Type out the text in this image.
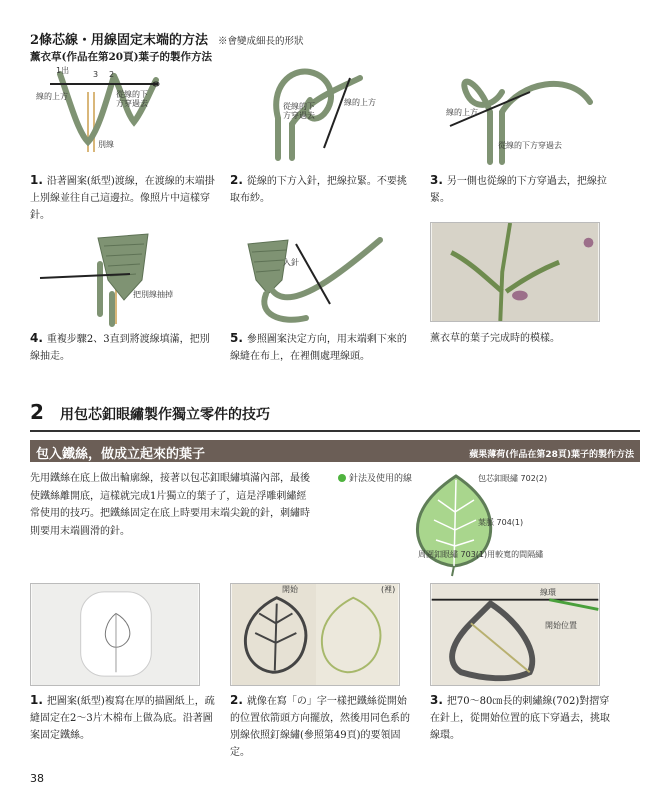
2條芯線・用線固定末端的方法 ※會變成細長的形狀
薰衣草(作品在第20頁)葉子的製作方法
1出	3 2
線的上方	從線的下方穿過去
別線
從線的下方穿過去
線的上方
線的上方
從線的下方穿過去
1. 沿著圖案(紙型)渡線，在渡線的末端掛上別線並往自己這邊拉。像照片中這樣穿針。
2. 從線的下方入針，把線拉緊。不要挑取布紗。
3. 另一側也從線的下方穿過去，把線拉緊。
把別線抽掉
入針
4. 重複步驟2、3直到將渡線填滿，把別線抽走。
5. 參照圖案決定方向，用末端剩下來的線縫在布上，在裡側處理線頭。
薰衣草的葉子完成時的模樣。
2 用包芯釦眼繡製作獨立零件的技巧
包入鐵絲，做成立起來的葉子	蘋果薄荷(作品在第28頁)葉子的製作方法
先用鐵絲在底上做出輪廓線，接著以包芯釦眼繡填滿內部，最後使鐵絲離開底，這樣就完成1片獨立的葉子了，這是浮雕刺繡經常使用的技巧。把鐵絲固定在底上時要用末端尖銳的針，刺繡時則要用末端圓滑的針。
針法及使用的線	包芯釦眼繡 702(2)
葉脈 704(1)
周圍釦眼繡 703(1)用較寬的間隔繡
開始	(裡)	線環
開始位置
1. 把圖案(紙型)複寫在厚的描圖紙上，疏縫固定在2～3片木棉布上做為底。沿著圖案固定鐵絲。
2. 就像在寫「の」字一樣把鐵絲從開始的位置依箭頭方向擺放，然後用同色系的別線依照釘線繡(參照第49頁)的要領固定。
3. 把70～80㎝長的刺繡線(702)對摺穿在針上，從開始位置的底下穿過去，挑取線環。
38
